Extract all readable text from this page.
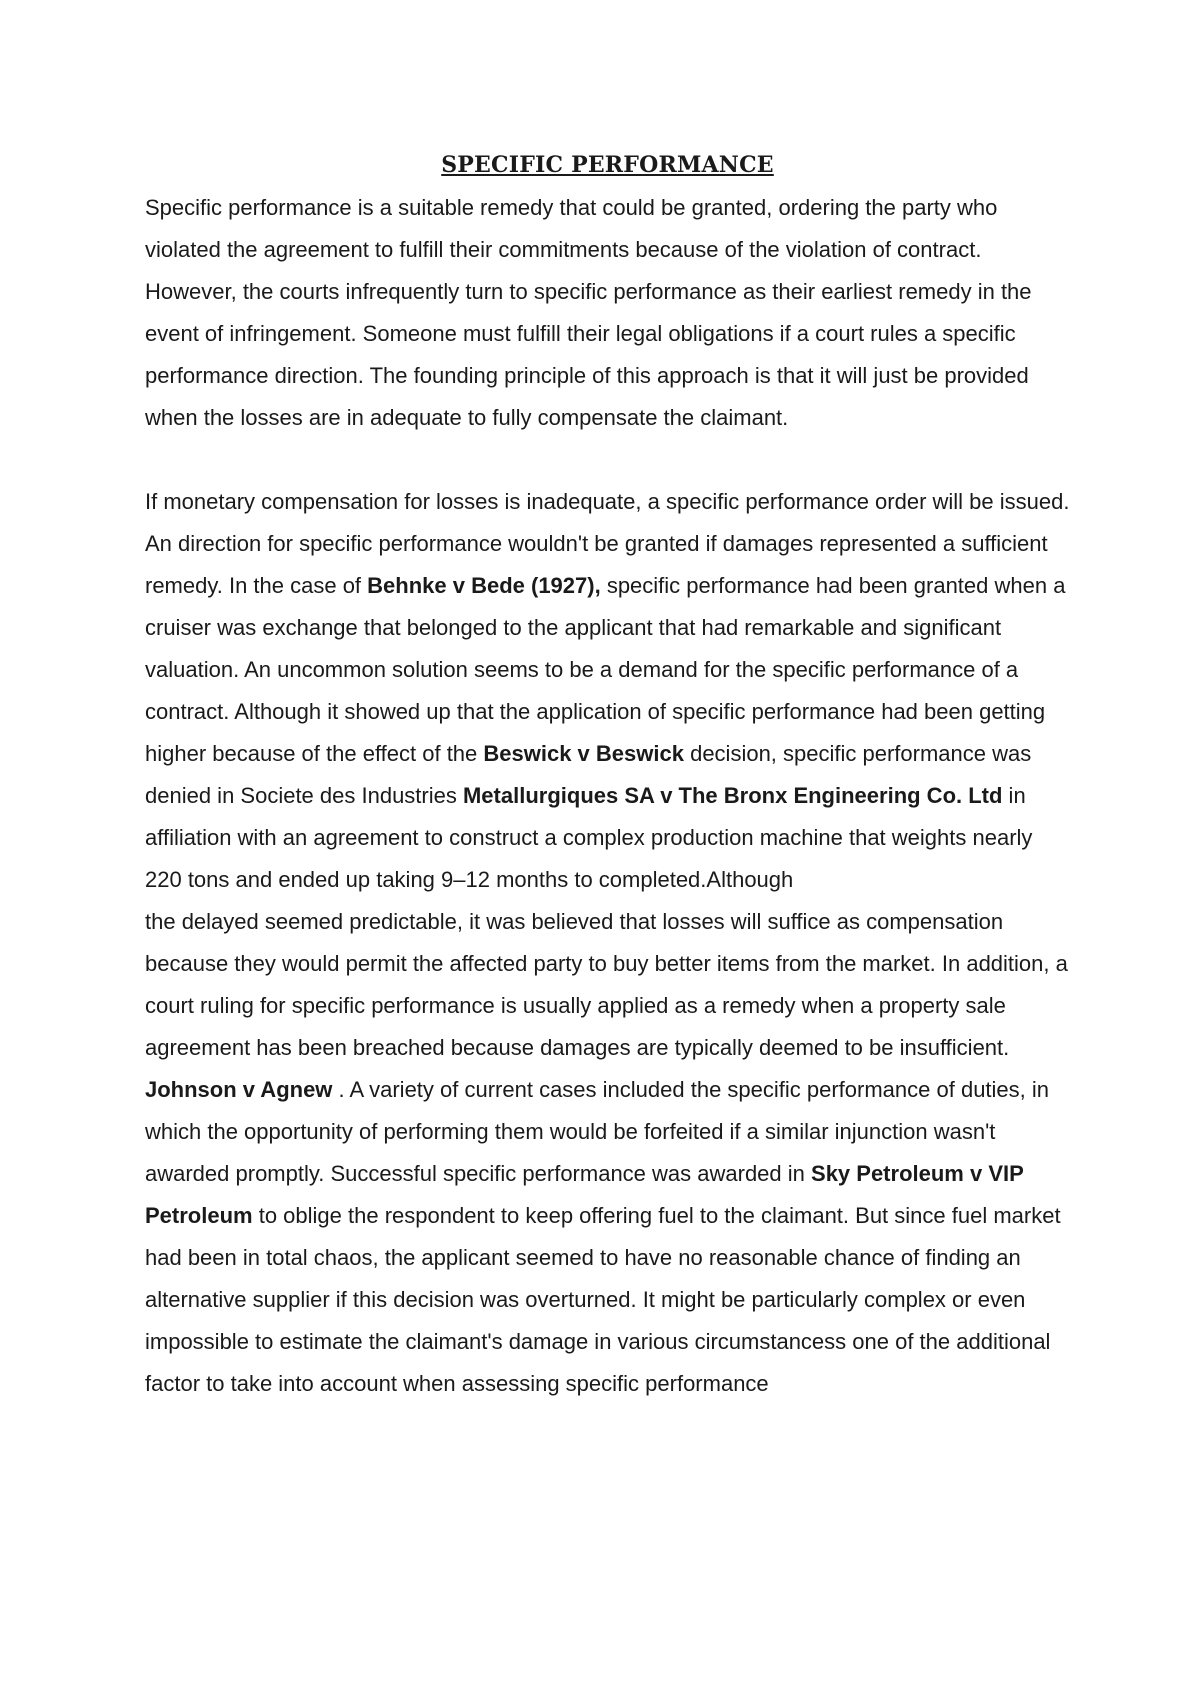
SPECIFIC PERFORMANCE

Specific performance is a suitable remedy that could be granted, ordering the party who violated the agreement to fulfill their commitments because of the violation of contract. However, the courts infrequently turn to specific performance as their earliest remedy in the event of infringement. Someone must fulfill their legal obligations if a court rules a specific performance direction. The founding principle of this approach is that it will just be provided when the losses are in adequate to fully compensate the claimant.

If monetary compensation for losses is inadequate, a specific performance order will be issued. An direction for specific performance wouldn't be granted if damages represented a sufficient remedy. In the case of Behnke v Bede (1927), specific performance had been granted when a cruiser was exchange that belonged to the applicant that had remarkable and significant valuation. An uncommon solution seems to be a demand for the specific performance of a contract. Although it showed up that the application of specific performance had been getting higher because of the effect of the Beswick v Beswick decision, specific performance was denied in Societe des Industries Metallurgiques SA v The Bronx Engineering Co. Ltd in affiliation with an agreement to construct a complex production machine that weights nearly 220 tons and ended up taking 9–12 months to completed.Although
the delayed seemed predictable, it was believed that losses will suffice as compensation because they would permit the affected party to buy better items from the market. In addition, a court ruling for specific performance is usually applied as a remedy when a property sale agreement has been breached because damages are typically deemed to be insufficient. Johnson v Agnew . A variety of current cases included the specific performance of duties, in which the opportunity of performing them would be forfeited if a similar injunction wasn't awarded promptly. Successful specific performance was awarded in Sky Petroleum v VIP Petroleum to oblige the respondent to keep offering fuel to the claimant. But since fuel market had been in total chaos, the applicant seemed to have no reasonable chance of finding an alternative supplier if this decision was overturned. It might be particularly complex or even impossible to estimate the claimant's damage in various circumstancess one of the additional factor to take into account when assessing specific performance
